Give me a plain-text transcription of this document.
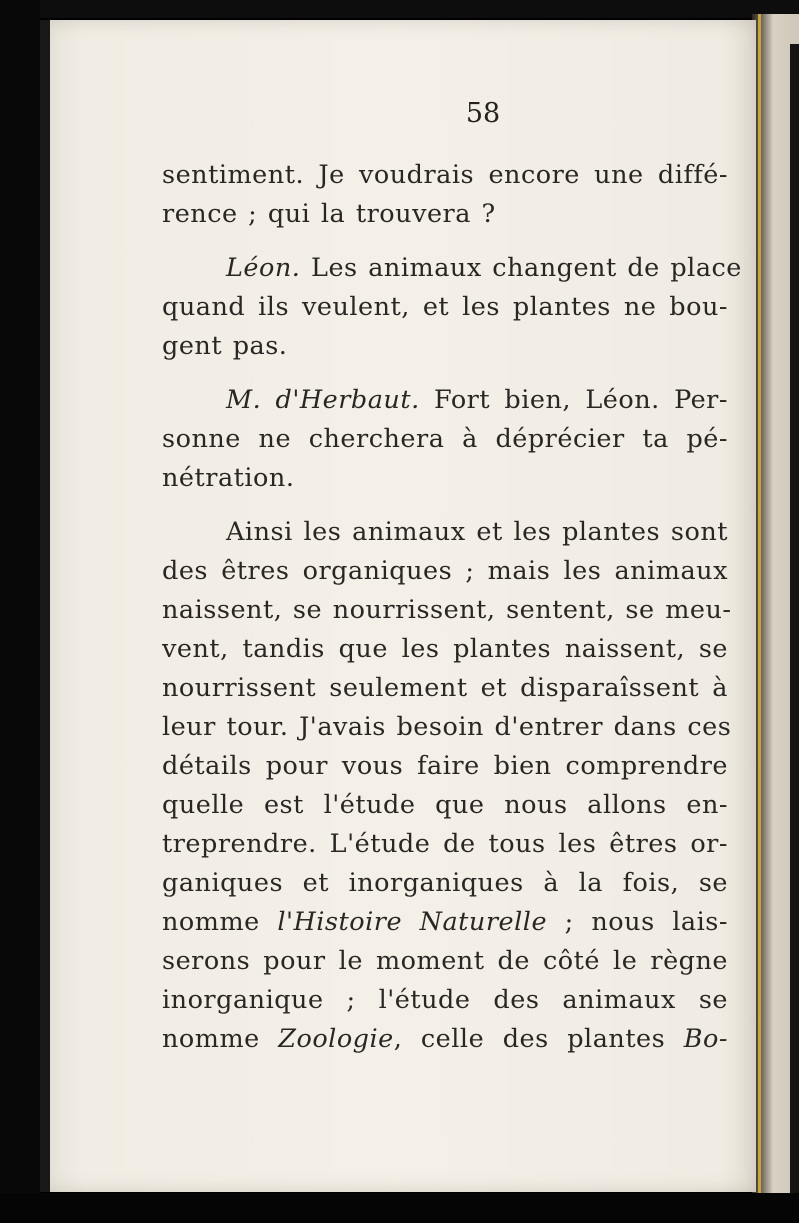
58
sentiment. Je voudrais encore une diffé-
rence ; qui la trouvera ?
Léon. Les animaux changent de place
quand ils veulent, et les plantes ne bou-
gent pas.
M. d'Herbaut. Fort bien, Léon. Per-
sonne ne cherchera à déprécier ta pé-
nétration.
Ainsi les animaux et les plantes sont
des êtres organiques ; mais les animaux
naissent, se nourrissent, sentent, se meu-
vent, tandis que les plantes naissent, se
nourrissent seulement et disparaîssent à
leur tour. J'avais besoin d'entrer dans ces
détails pour vous faire bien comprendre
quelle est l'étude que nous allons en-
treprendre. L'étude de tous les êtres or-
ganiques et inorganiques à la fois, se
nomme l'Histoire Naturelle ; nous lais-
serons pour le moment de côté le règne
inorganique ; l'étude des animaux se
nomme Zoologie, celle des plantes Bo-
